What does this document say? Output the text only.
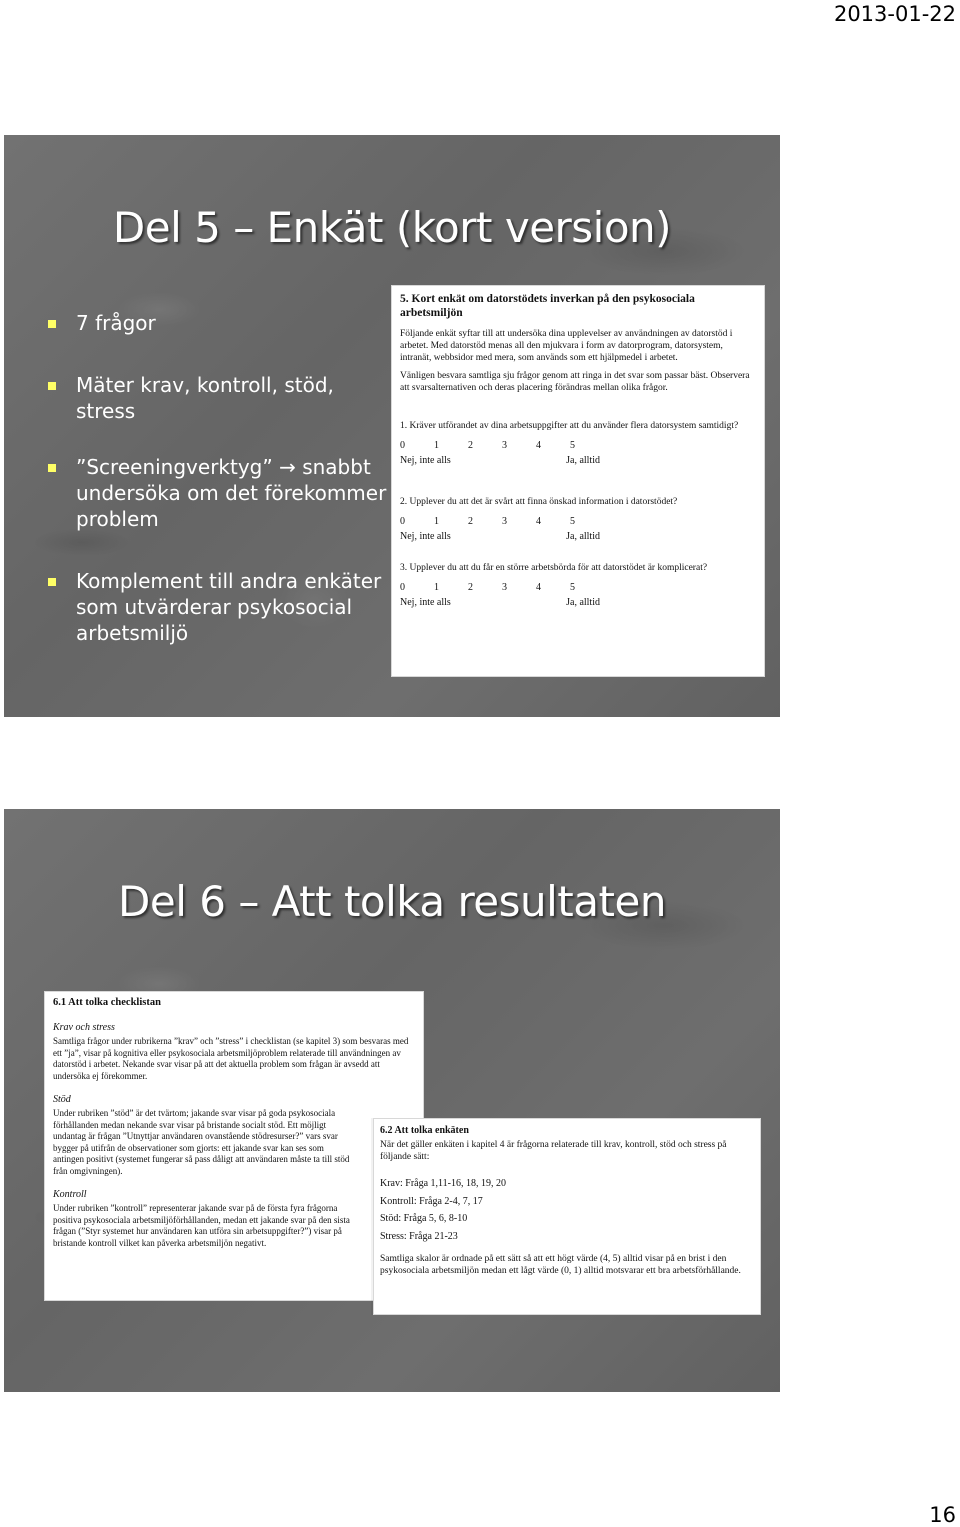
2013-01-22
Del 5 – Enkät (kort version)
7 frågor
Mäter krav, kontroll, stöd, stress
”Screeningverktyg” → snabbt undersöka om det förekommer problem
Komplement till andra enkäter som utvärderar psykosocial arbetsmiljö
5. Kort enkät om datorstödets inverkan på den psykosociala arbetsmiljön

Följande enkät syftar till att undersöka dina upplevelser av användningen av datorstöd i arbetet. Med datorstöd menas all den mjukvara i form av datorprogram, datorsystem, intranät, webbsidor med mera, som används som ett hjälpmedel i arbetet.

Vänligen besvara samtliga sju frågor genom att ringa in det svar som passar bäst. Observera att svarsalternativen och deras placering förändras mellan olika frågor.

1. Kräver utförandet av dina arbetsuppgifter att du använder flera datorsystem samtidigt?

0	1	2	3	4	5
Nej, inte alls	Ja, alltid

2. Upplever du att det är svårt att finna önskad information i datorstödet?

0	1	2	3	4	5
Nej, inte alls	Ja, alltid

3. Upplever du att du får en större arbetsbörda för att datorstödet är komplicerat?

0	1	2	3	4	5
Nej, inte alls	Ja, alltid
Del 6 – Att tolka resultaten
6.1 Att tolka checklistan
Krav och stress

Samtliga frågor under rubrikerna ”krav” och ”stress” i checklistan (se kapitel 3) som besvaras med ett ”ja”, visar på kognitiva eller psykosociala arbetsmiljöproblem relaterade till användningen av datorstöd i arbetet. Nekande svar visar på att det aktuella problem som frågan är avsedd att undersöka ej förekommer.

Stöd

Under rubriken ”stöd” är det tvärtom; jakande svar visar på goda psykosociala förhållanden medan nekande svar visar på bristande socialt stöd. Ett möjligt undantag är frågan ”Utnyttjar användaren ovanstående stödresurser?” vars svar bygger på utifrån de observationer som gjorts: ett jakande svar kan ses som antingen positivt (systemet fungerar så pass dåligt att användaren måste ta till stöd från omgivningen).

Kontroll

Under rubriken ”kontroll” representerar jakande svar på de första fyra frågorna positiva psykosociala arbetsmiljöförhållanden, medan ett jakande svar på den sista frågan (”Styr systemet hur användaren kan utföra sin arbetsuppgifter?”) visar på bristande kontroll vilket kan påverka arbetsmiljön negativt.

6.2 Att tolka enkäten

När det gäller enkäten i kapitel 4 är frågorna relaterade till krav, kontroll, stöd och stress på följande sätt:

Krav: Fråga 1,11-16, 18, 19, 20
Kontroll: Fråga 2-4, 7, 17
Stöd: Fråga 5, 6, 8-10
Stress: Fråga 21-23

Samtliga skalor är ordnade på ett sätt så att ett högt värde (4, 5) alltid visar på en brist i den psykosociala arbetsmiljön medan ett lågt värde (0, 1) alltid motsvarar ett bra arbetsförhållande.

16
